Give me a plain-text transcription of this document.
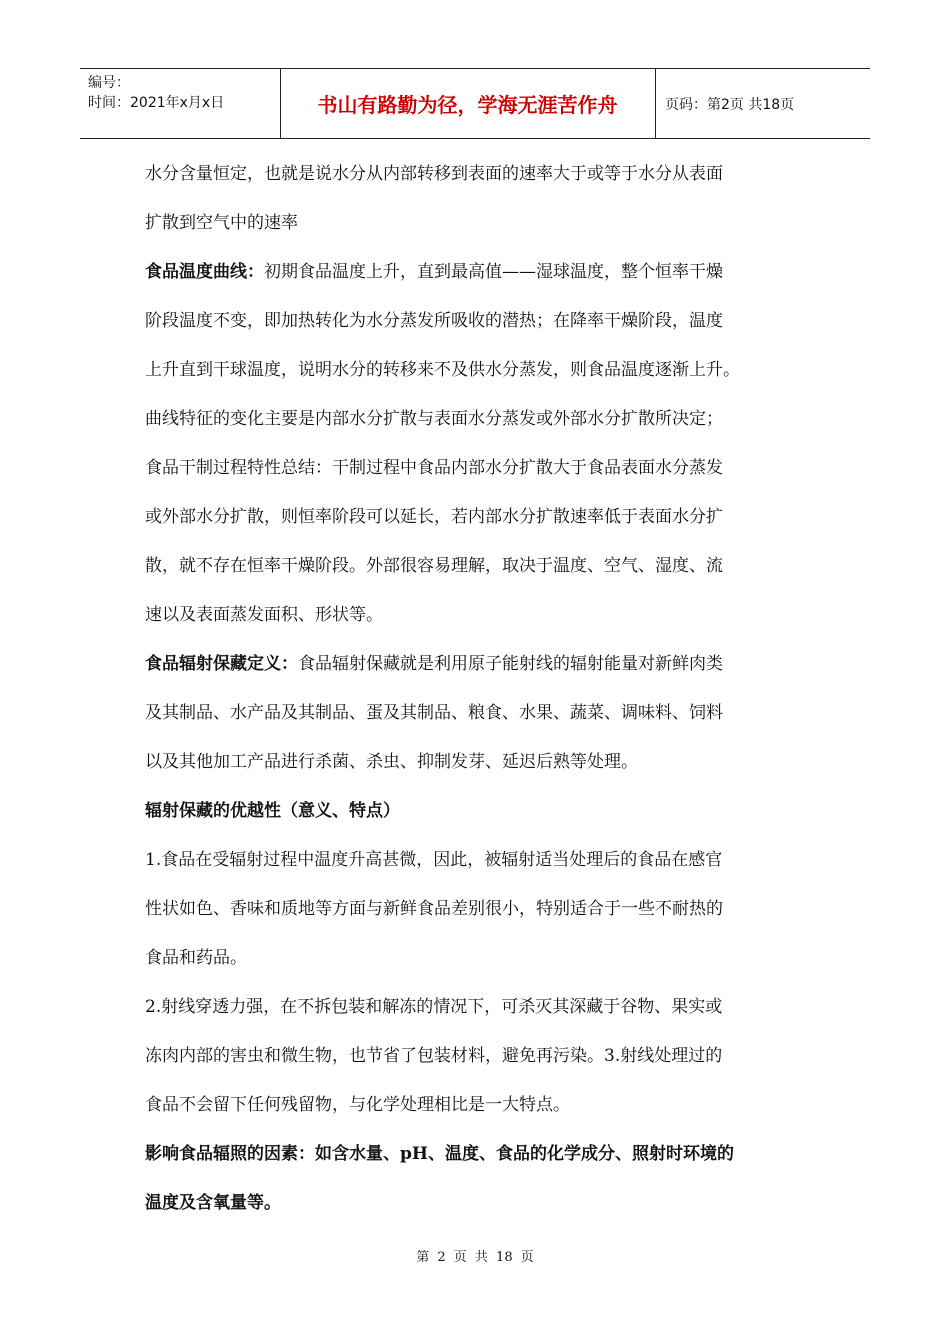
编号：
时间：2021年x月x日	书山有路勤为径，学海无涯苦作舟	页码：第2页 共18页
水分含量恒定，也就是说水分从内部转移到表面的速率大于或等于水分从表面
扩散到空气中的速率
食品温度曲线：初期食品温度上升，直到最高值——湿球温度，整个恒率干燥
阶段温度不变，即加热转化为水分蒸发所吸收的潜热；在降率干燥阶段，温度
上升直到干球温度，说明水分的转移来不及供水分蒸发，则食品温度逐渐上升。
曲线特征的变化主要是内部水分扩散与表面水分蒸发或外部水分扩散所决定；
食品干制过程特性总结：干制过程中食品内部水分扩散大于食品表面水分蒸发
或外部水分扩散，则恒率阶段可以延长，若内部水分扩散速率低于表面水分扩
散，就不存在恒率干燥阶段。外部很容易理解，取决于温度、空气、湿度、流
速以及表面蒸发面积、形状等。
食品辐射保藏定义：食品辐射保藏就是利用原子能射线的辐射能量对新鲜肉类
及其制品、水产品及其制品、蛋及其制品、粮食、水果、蔬菜、调味料、饲料
以及其他加工产品进行杀菌、杀虫、抑制发芽、延迟后熟等处理。
辐射保藏的优越性（意义、特点）
1.食品在受辐射过程中温度升高甚微，因此，被辐射适当处理后的食品在感官
性状如色、香味和质地等方面与新鲜食品差别很小，特别适合于一些不耐热的
食品和药品。
2.射线穿透力强，在不拆包装和解冻的情况下，可杀灭其深藏于谷物、果实或
冻肉内部的害虫和微生物，也节省了包装材料，避免再污染。3.射线处理过的
食品不会留下任何残留物，与化学处理相比是一大特点。
影响食品辐照的因素：如含水量、pH、温度、食品的化学成分、照射时环境的
温度及含氧量等。
第 2 页 共 18 页
